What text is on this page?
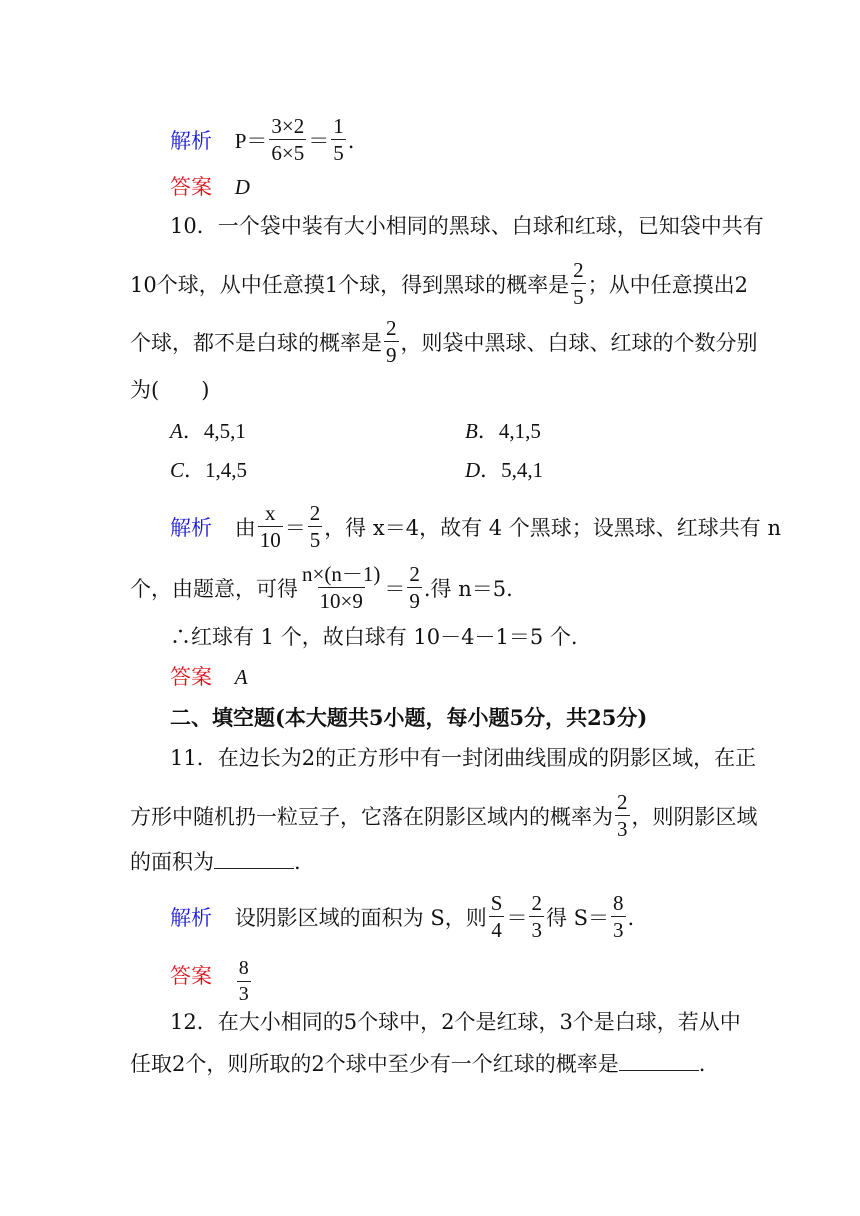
解析 $P= \frac{3\times 2}{6\times 5} = \frac{1}{5}$ .
答案 D
10．一个袋中装有大小相同的黑球、白球和红球，已知袋中共有
10个球，从中任意摸1个球，得到黑球的概率是 $\frac{2}{5}$ ；从中任意摸出2
个球，都不是白球的概率是 $\frac{2}{9}$ ，则袋中黑球、白球、红球的个数分别
为(　　)
A．4,5,1	B．4,1,5
C．1,4,5	D．5,4,1
解析 由 $\frac{x}{10} = \frac{2}{5}$ ，得 x＝4，故有 4 个黑球；设黑球、红球共有 n
个，由题意，可得 $\frac{n\times(n-1)}{10\times 9} = \frac{2}{9}$ .得 n＝5.
∴红球有 1 个，故白球有 10－4－1＝5 个.
答案 A
二、填空题(本大题共5小题，每小题5分，共25分)
11．在边长为2的正方形中有一封闭曲线围成的阴影区域，在正
方形中随机扔一粒豆子，它落在阴影区域内的概率为 $\frac{2}{3}$ ，则阴影区域
的面积为	.
解析 设阴影区域的面积为 S，则 $\frac{S}{4} = \frac{2}{3}$ 得 $S= \frac{8}{3}$ .
答案 $\frac{8}{3}$
12．在大小相同的5个球中，2个是红球，3个是白球，若从中
任取2个，则所取的2个球中至少有一个红球的概率是	.
